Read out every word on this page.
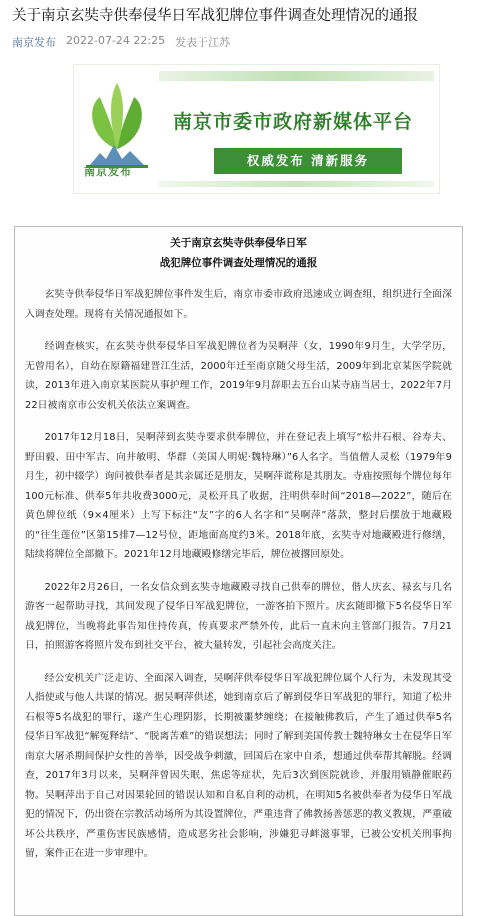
关于南京玄奘寺供奉侵华日军战犯牌位事件调查处理情况的通报
南京发布 2022-07-24 22:25 发表于江苏
南京发布
南京市委市政府新媒体平台
权威发布 清新服务
关于南京玄奘寺供奉侵华日军
战犯牌位事件调查处理情况的通报

玄奘寺供奉侵华日军战犯牌位事件发生后，南京市委市政府迅速成立调查组，组织进行全面深入调查处理。现将有关情况通报如下。

经调查核实，在玄奘寺供奉侵华日军战犯牌位者为吴啊萍（女，1990年9月生，大学学历，无曾用名），自幼在原籍福建晋江生活，2000年迁至南京随父母生活，2009年到北京某医学院就读，2013年进入南京某医院从事护理工作，2019年9月辞职去五台山某寺庙当居士，2022年7月22日被南京市公安机关依法立案调查。

2017年12月18日，吴啊萍到玄奘寺要求供奉牌位，并在登记表上填写“松井石根、谷寿夫、野田毅、田中军吉、向井敏明、华群（美国人明妮·魏特琳）”6人名字。当值僧人灵松（1979年9月生，初中辍学）询问被供奉者是其亲属还是朋友，吴啊萍谎称是其朋友。寺庙按照每个牌位每年100元标准、供奉5年共收费3000元，灵松开具了收据，注明供奉时间“2018—2022”，随后在黄色牌位纸（9×4厘米）上写下标注“友”字的6人名字和“吴啊萍”落款，整封后摆放于地藏殿的“往生莲位”区第15排7—12号位，距地面高度约3米。2018年底，玄奘寺对地藏殿进行修缮，陆续将牌位全部撤下。2021年12月地藏殿修缮完毕后，牌位被撂回原处。

2022年2月26日，一名女信众到玄奘寺地藏殿寻找自己供奉的牌位，偕人庆玄、禄玄与几名游客一起帮助寻找，其间发现了侵华日军战犯牌位，一游客拍下照片。庆玄随即撤下5名侵华日军战犯牌位，当晚将此事告知住持传真，传真要求严禁外传，此后一直未向主管部门报告。7月21日，拍照游客将照片发布到社交平台，被大量转发，引起社会高度关注。

经公安机关广泛走访、全面深入调查，吴啊萍供奉侵华日军战犯牌位属个人行为，未发现其受人指使或与他人共谋的情况。据吴啊萍供述，她到南京后了解到侵华日军战犯的罪行，知道了松井石根等5名战犯的罪行，遂产生心理阴影，长期被噩梦缠绕；在接触佛教后，产生了通过供奉5名侵华日军战犯“解冤释结”、“脱离苦难”的错误想法；同时了解到美国传教士魏特琳女士在侵华日军南京大屠杀期间保护女性的善举，因受战争刺激，回国后在家中自杀，想通过供奉帮其解脱。经调查，2017年3月以来，吴啊萍曾因失眠、焦虑等症状，先后3次到医院就诊，并服用镇静催眠药物。吴啊萍出于自己对因果轮回的错误认知和自私自利的动机，在明知5名被供奉者为侵华日军战犯的情况下，仍出资在宗教活动场所为其设置牌位，严重违背了佛教扬善惩恶的教义教规，严重破坏公共秩序，严重伤害民族感情，造成恶劣社会影响，涉嫌犯寻衅滋事罪，已被公安机关刑事拘留，案件正在进一步审理中。
